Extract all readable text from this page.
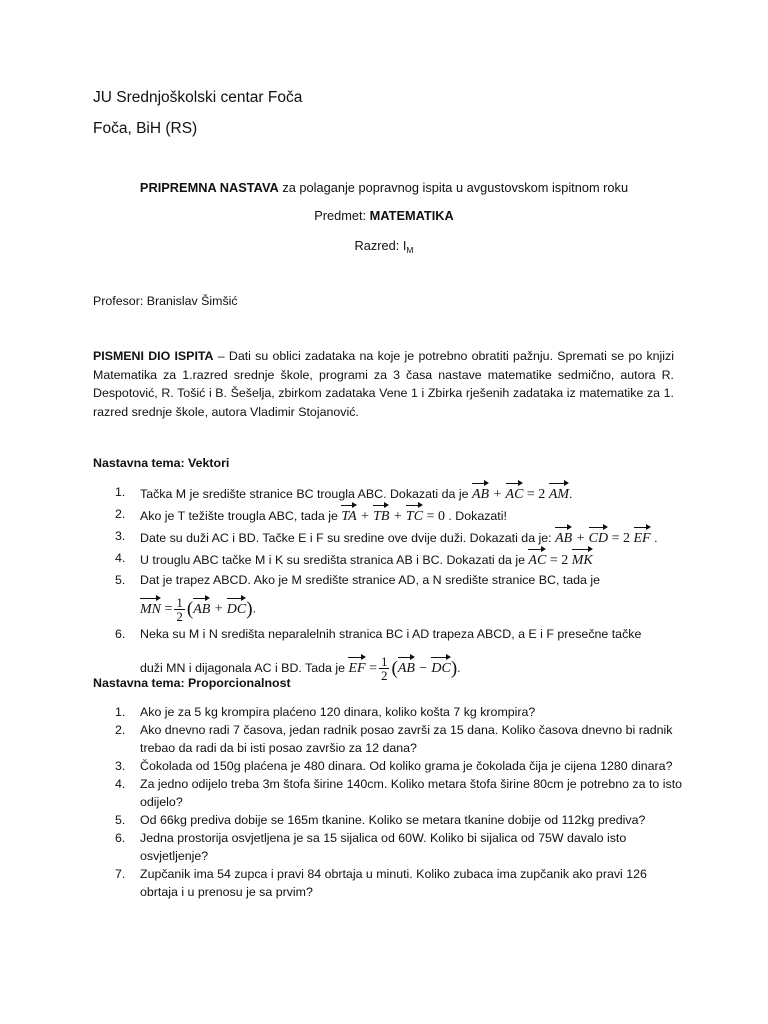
JU Srednjoškolski centar Foča
Foča, BiH (RS)
PRIPREMNA NASTAVA za polaganje popravnog ispita u avgustovskom ispitnom roku
Predmet: MATEMATIKA
Razred: $I_M$
Profesor: Branislav Šimšić
PISMENI DIO ISPITA – Dati su oblici zadataka na koje je potrebno obratiti pažnju. Spremati se po knjizi Matematika za 1.razred srednje škole, programi za 3 časa nastave matematike sedmično, autora R. Despotović, R. Tošić i B. Šešelja, zbirkom zadataka Vene 1 i Zbirka rješenih zadataka iz matematike za 1. razred srednje škole, autora Vladimir Stojanović.
Nastavna tema: Vektori
1. Tačka M je središte stranice BC trougla ABC. Dokazati da je AB + AC = 2 AM.
2. Ako je T težište trougla ABC, tada je TA + TB + TC = 0 . Dokazati!
3. Date su duži AC i BD. Tačke E i F su sredine ove dvije duži. Dokazati da je: AB + CD = 2 EF .
4. U trouglu ABC tačke M i K su središta stranica AB i BC. Dokazati da je AC = 2 MK
5. Dat je trapez ABCD. Ako je M središte stranice AD, a N središte stranice BC, tada je
MN = $\frac{1}{2} (AB + DC)$.
6. Neka su M i N središta neparalelnih stranica BC i AD trapeza ABCD, a E i F presečne tačke
duži MN i dijagonala AC i BD. Tada je EF = $\frac{1}{2} (AB - DC)$.
Nastavna tema: Proporcionalnost
1. Ako je za 5 kg krompira plaćeno 120 dinara, koliko košta 7 kg krompira?
2. Ako dnevno radi 7 časova, jedan radnik posao završi za 15 dana. Koliko časova dnevno bi radnik trebao da radi da bi isti posao završio za 12 dana?
3. Čokolada od 150g plaćena je 480 dinara. Od koliko grama je čokolada čija je cijena 1280 dinara?
4. Za jedno odijelo treba 3m štofa širine 140cm. Koliko metara štofa širine 80cm je potrebno za to isto odijelo?
5. Od 66kg prediva dobije se 165m tkanine. Koliko se metara tkanine dobije od 112kg prediva?
6. Jedna prostorija osvjetljena je sa 15 sijalica od 60W. Koliko bi sijalica od 75W davalo isto osvjetljenje?
7. Zupčanik ima 54 zupca i pravi 84 obrtaja u minuti. Koliko zubaca ima zupčanik ako pravi 126 obrtaja i u prenosu je sa prvim?
